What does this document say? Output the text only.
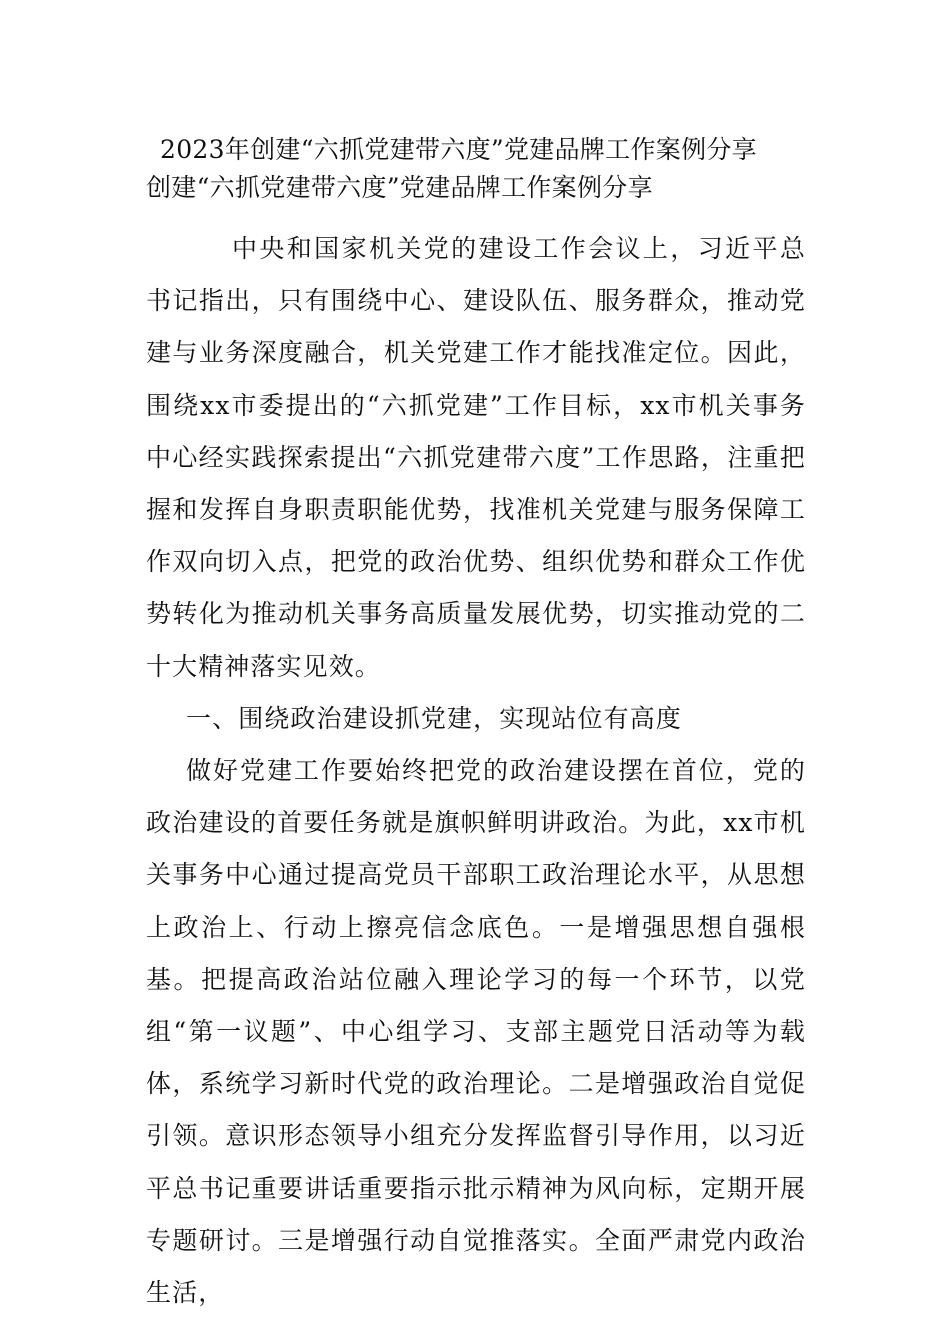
2023年创建“六抓党建带六度”党建品牌工作案例分享
创建“六抓党建带六度”党建品牌工作案例分享

中央和国家机关党的建设工作会议上，习近平总书记指出，只有围绕中心、建设队伍、服务群众，推动党建与业务深度融合，机关党建工作才能找准定位。因此，围绕xx市委提出的“六抓党建”工作目标，xx市机关事务中心经实践探索提出“六抓党建带六度”工作思路，注重把握和发挥自身职责职能优势，找准机关党建与服务保障工作双向切入点，把党的政治优势、组织优势和群众工作优势转化为推动机关事务高质量发展优势，切实推动党的二十大精神落实见效。

一、围绕政治建设抓党建，实现站位有高度

做好党建工作要始终把党的政治建设摆在首位，党的政治建设的首要任务就是旗帜鲜明讲政治。为此，xx市机关事务中心通过提高党员干部职工政治理论水平，从思想上政治上、行动上擦亮信念底色。一是增强思想自强根基。把提高政治站位融入理论学习的每一个环节，以党组“第一议题”、中心组学习、支部主题党日活动等为载体，系统学习新时代党的政治理论。二是增强政治自觉促引领。意识形态领导小组充分发挥监督引导作用，以习近平总书记重要讲话重要指示批示精神为风向标，定期开展专题研讨。三是增强行动自觉推落实。全面严肃党内政治生活，
